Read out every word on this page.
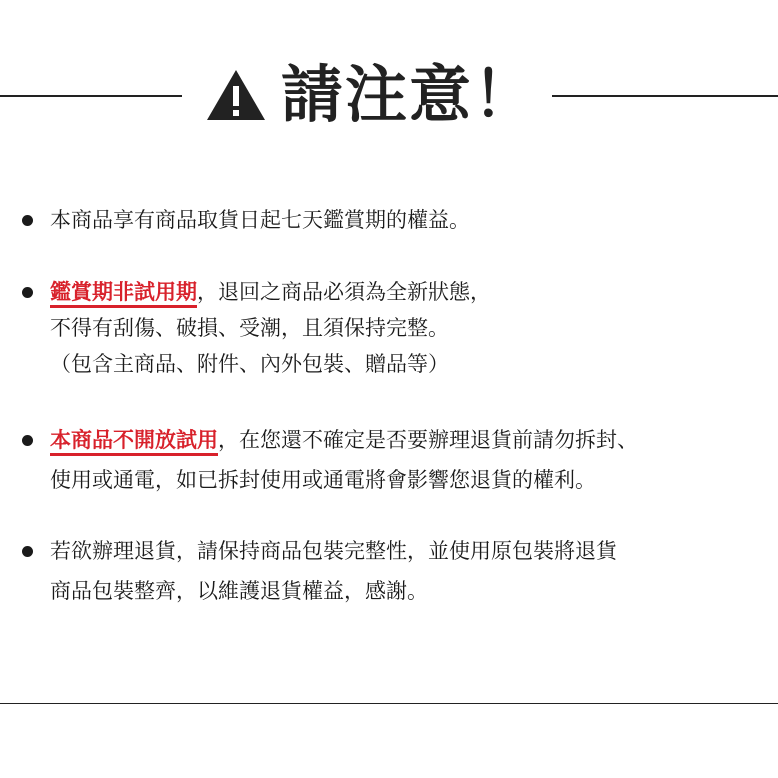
請注意！
本商品享有商品取貨日起七天鑑賞期的權益。
鑑賞期非試用期，退回之商品必須為全新狀態，
不得有刮傷、破損、受潮，且須保持完整。
（包含主商品、附件、內外包裝、贈品等）
本商品不開放試用，在您還不確定是否要辦理退貨前請勿拆封、
使用或通電，如已拆封使用或通電將會影響您退貨的權利。
若欲辦理退貨，請保持商品包裝完整性，並使用原包裝將退貨
商品包裝整齊，以維護退貨權益，感謝。
